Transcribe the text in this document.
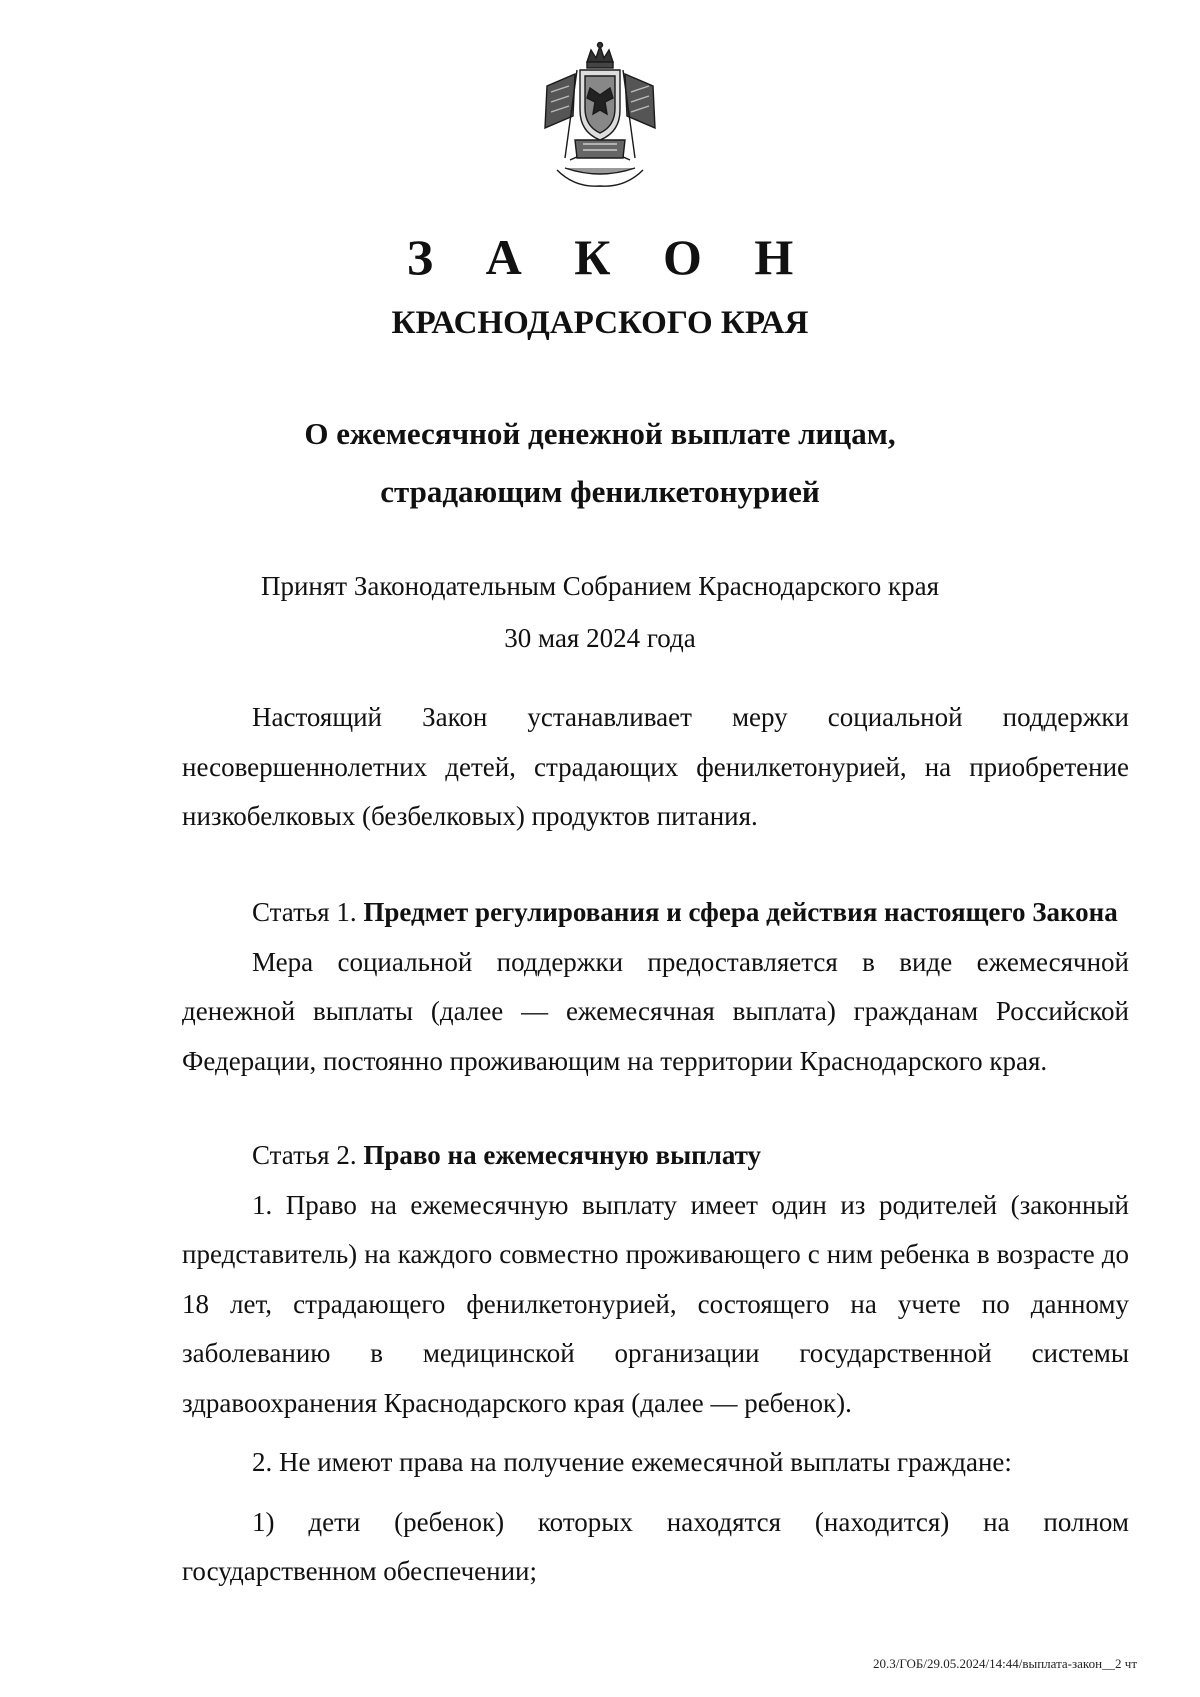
З А К О Н
КРАСНОДАРСКОГО КРАЯ
О ежемесячной денежной выплате лицам,
страдающим фенилкетонурией
Принят Законодательным Собранием Краснодарского края
30 мая 2024 года

Настоящий Закон устанавливает меру социальной поддержки несовершеннолетних детей, страдающих фенилкетонурией, на приобретение низкобелковых (безбелковых) продуктов питания.

Статья 1. Предмет регулирования и сфера действия настоящего Закона

Мера социальной поддержки предоставляется в виде ежемесячной денежной выплаты (далее — ежемесячная выплата) гражданам Российской Федерации, постоянно проживающим на территории Краснодарского края.

Статья 2. Право на ежемесячную выплату

1. Право на ежемесячную выплату имеет один из родителей (законный представитель) на каждого совместно проживающего с ним ребенка в возрасте до 18 лет, страдающего фенилкетонурией, состоящего на учете по данному заболеванию в медицинской организации государственной системы здравоохранения Краснодарского края (далее — ребенок).

2. Не имеют права на получение ежемесячной выплаты граждане:

1) дети (ребенок) которых находятся (находится) на полном государственном обеспечении;

20.3/ГОБ/29.05.2024/14:44/выплата-закон__2 чт
